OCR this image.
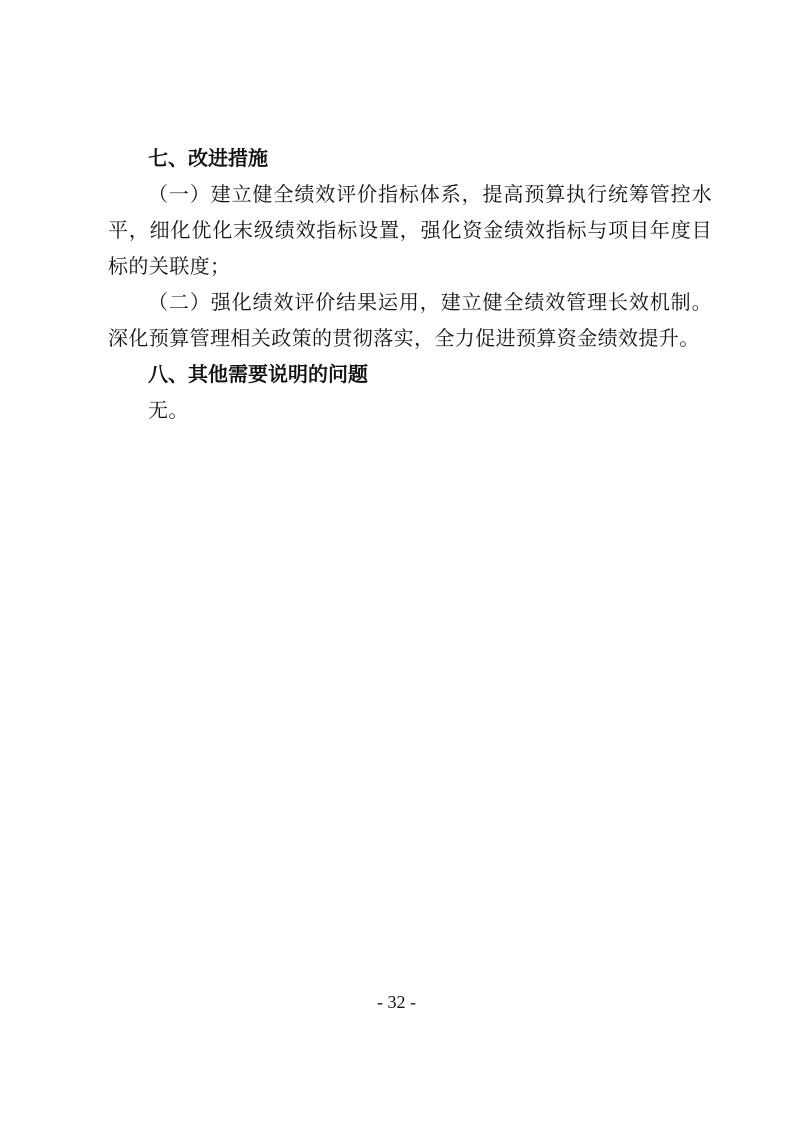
七、改进措施

（一）建立健全绩效评价指标体系，提高预算执行统筹管控水平，细化优化末级绩效指标设置，强化资金绩效指标与项目年度目标的关联度；

（二）强化绩效评价结果运用，建立健全绩效管理长效机制。深化预算管理相关政策的贯彻落实，全力促进预算资金绩效提升。

八、其他需要说明的问题

无。

- 32 -
